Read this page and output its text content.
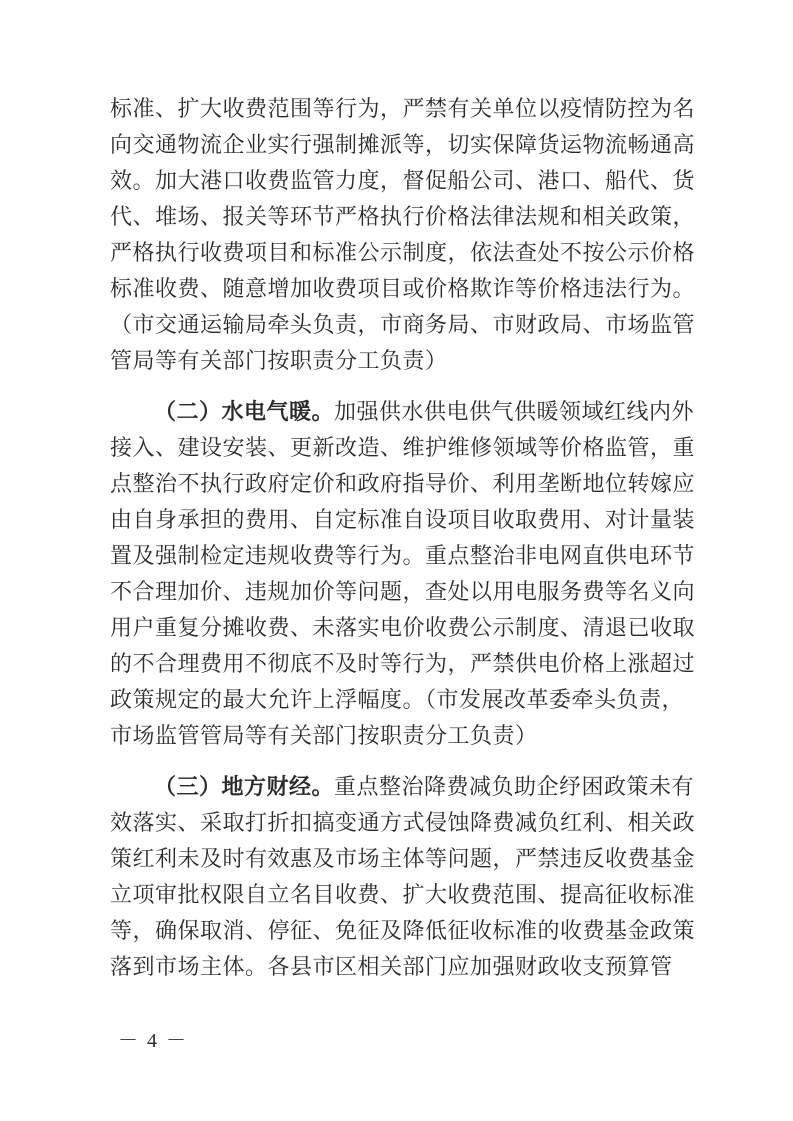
标准、扩大收费范围等行为，严禁有关单位以疫情防控为名
向交通物流企业实行强制摊派等，切实保障货运物流畅通高
效。加大港口收费监管力度，督促船公司、港口、船代、货
代、堆场、报关等环节严格执行价格法律法规和相关政策，
严格执行收费项目和标准公示制度，依法查处不按公示价格
标准收费、随意增加收费项目或价格欺诈等价格违法行为。
（市交通运输局牵头负责，市商务局、市财政局、市场监管
管局等有关部门按职责分工负责）
（二）水电气暖。加强供水供电供气供暖领域红线内外
接入、建设安装、更新改造、维护维修领域等价格监管，重
点整治不执行政府定价和政府指导价、利用垄断地位转嫁应
由自身承担的费用、自定标准自设项目收取费用、对计量装
置及强制检定违规收费等行为。重点整治非电网直供电环节
不合理加价、违规加价等问题，查处以用电服务费等名义向
用户重复分摊收费、未落实电价收费公示制度、清退已收取
的不合理费用不彻底不及时等行为，严禁供电价格上涨超过
政策规定的最大允许上浮幅度。（市发展改革委牵头负责，
市场监管管局等有关部门按职责分工负责）
（三）地方财经。重点整治降费减负助企纾困政策未有
效落实、采取打折扣搞变通方式侵蚀降费减负红利、相关政
策红利未及时有效惠及市场主体等问题，严禁违反收费基金
立项审批权限自立名目收费、扩大收费范围、提高征收标准
等，确保取消、停征、免征及降低征收标准的收费基金政策
落到市场主体。各县市区相关部门应加强财政收支预算管
－ 4 －
